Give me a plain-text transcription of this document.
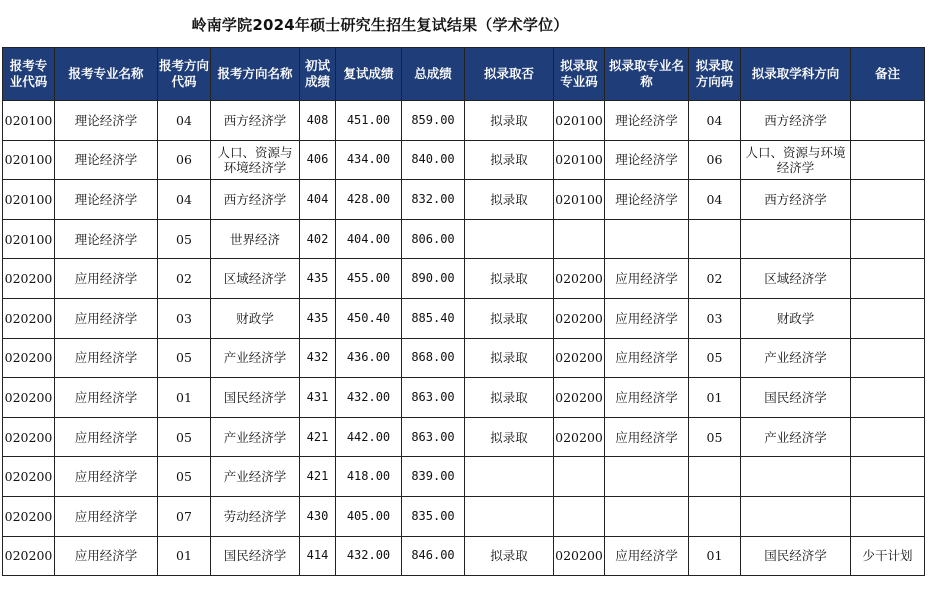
岭南学院2024年硕士研究生招生复试结果（学术学位）
报考专业代码	报考专业名称	报考方向代码	报考方向名称	初试成绩	复试成绩	总成绩	拟录取否	拟录取专业码	拟录取专业名称	拟录取方向码	拟录取学科方向	备注
020100	理论经济学	04	西方经济学	408	451.00	859.00	拟录取	020100	理论经济学	04	西方经济学	
020100	理论经济学	06	人口、资源与环境经济学	406	434.00	840.00	拟录取	020100	理论经济学	06	人口、资源与环境经济学	
020100	理论经济学	04	西方经济学	404	428.00	832.00	拟录取	020100	理论经济学	04	西方经济学	
020100	理论经济学	05	世界经济	402	404.00	806.00						
020200	应用经济学	02	区域经济学	435	455.00	890.00	拟录取	020200	应用经济学	02	区域经济学	
020200	应用经济学	03	财政学	435	450.40	885.40	拟录取	020200	应用经济学	03	财政学	
020200	应用经济学	05	产业经济学	432	436.00	868.00	拟录取	020200	应用经济学	05	产业经济学	
020200	应用经济学	01	国民经济学	431	432.00	863.00	拟录取	020200	应用经济学	01	国民经济学	
020200	应用经济学	05	产业经济学	421	442.00	863.00	拟录取	020200	应用经济学	05	产业经济学	
020200	应用经济学	05	产业经济学	421	418.00	839.00						
020200	应用经济学	07	劳动经济学	430	405.00	835.00						
020200	应用经济学	01	国民经济学	414	432.00	846.00	拟录取	020200	应用经济学	01	国民经济学	少干计划
